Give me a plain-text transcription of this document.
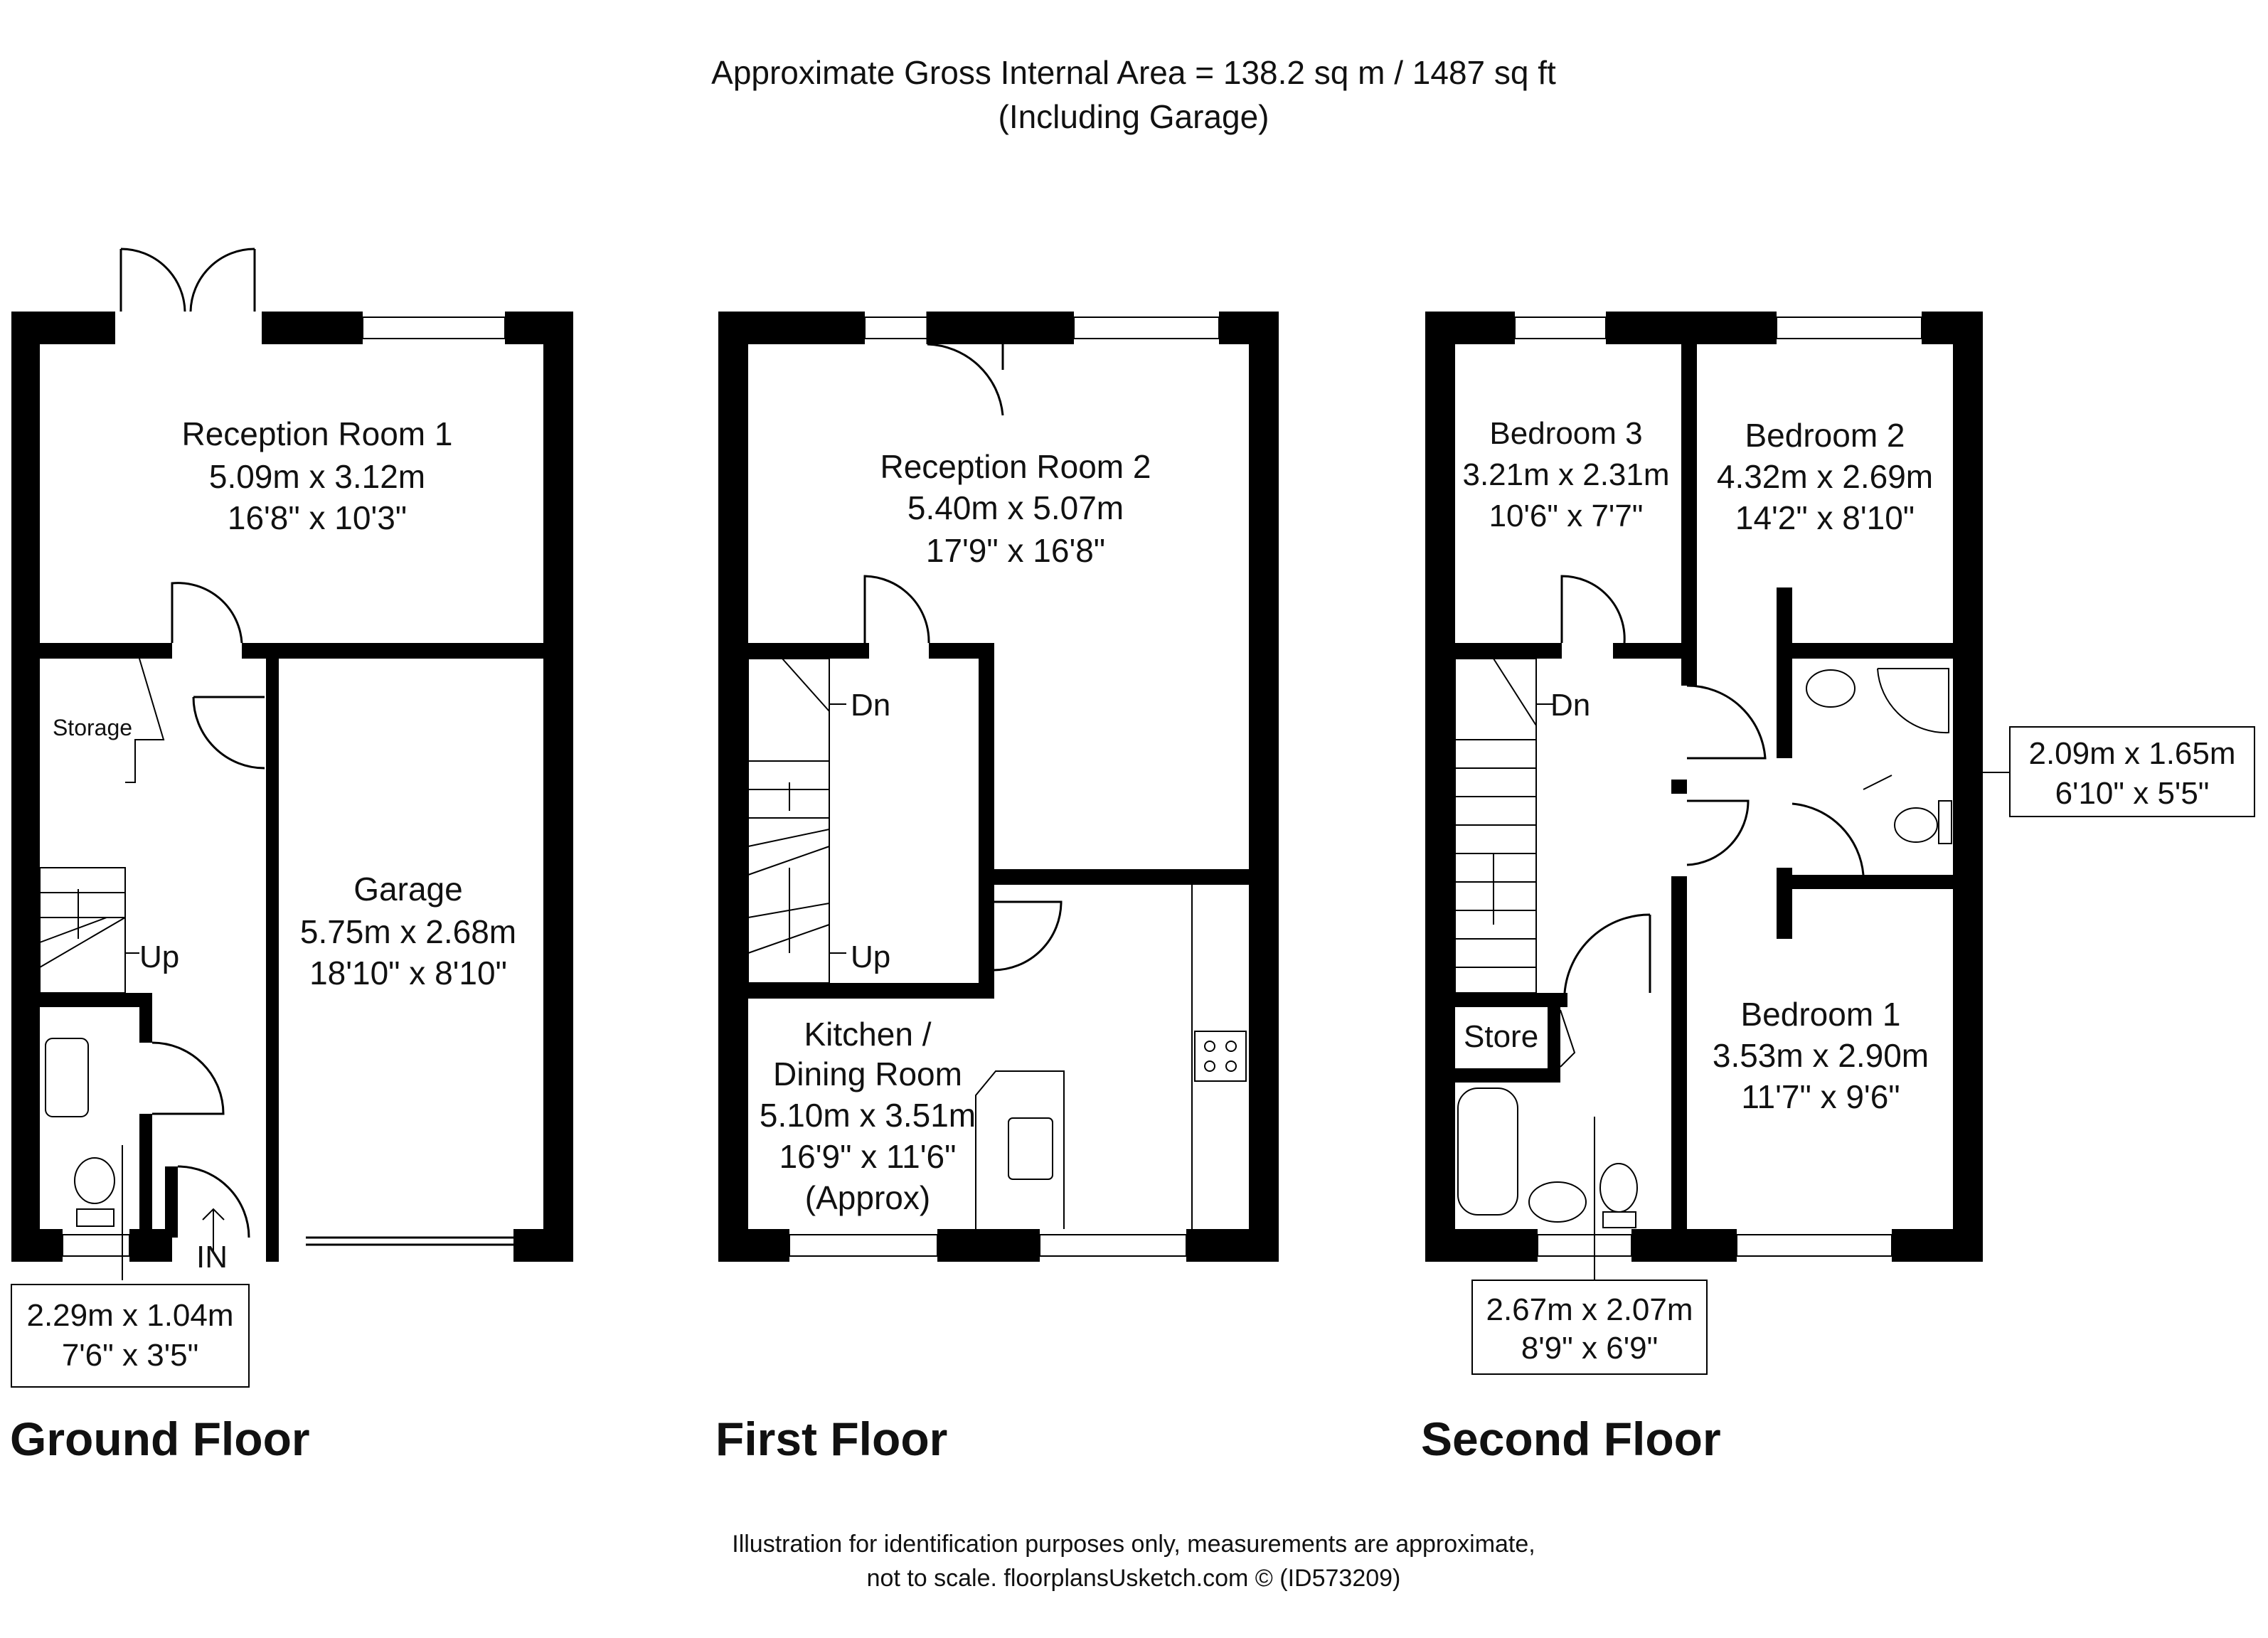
Approximate Gross Internal Area = 138.2 sq m / 1487 sq ft
(Including Garage)
Reception Room 1
5.09m x 3.12m
16'8" x 10'3"
Garage
5.75m x 2.68m
18'10" x 8'10"
Storage
Up
IN
2.29m x 1.04m
7'6" x 3'5"
Ground Floor
Reception Room 2
5.40m x 5.07m
17'9" x 16'8"
Dn
Up
Kitchen /
Dining Room
5.10m x 3.51m
16'9" x 11'6"
(Approx)
First Floor
Bedroom 3
3.21m x 2.31m
10'6" x 7'7"
Bedroom 2
4.32m x 2.69m
14'2" x 8'10"
Dn
Bedroom 1
3.53m x 2.90m
11'7" x 9'6"
Store
2.09m x 1.65m
6'10" x 5'5"
2.67m x 2.07m
8'9" x 6'9"
Second Floor
Illustration for identification purposes only, measurements are approximate,
not to scale. floorplansUsketch.com © (ID573209)
